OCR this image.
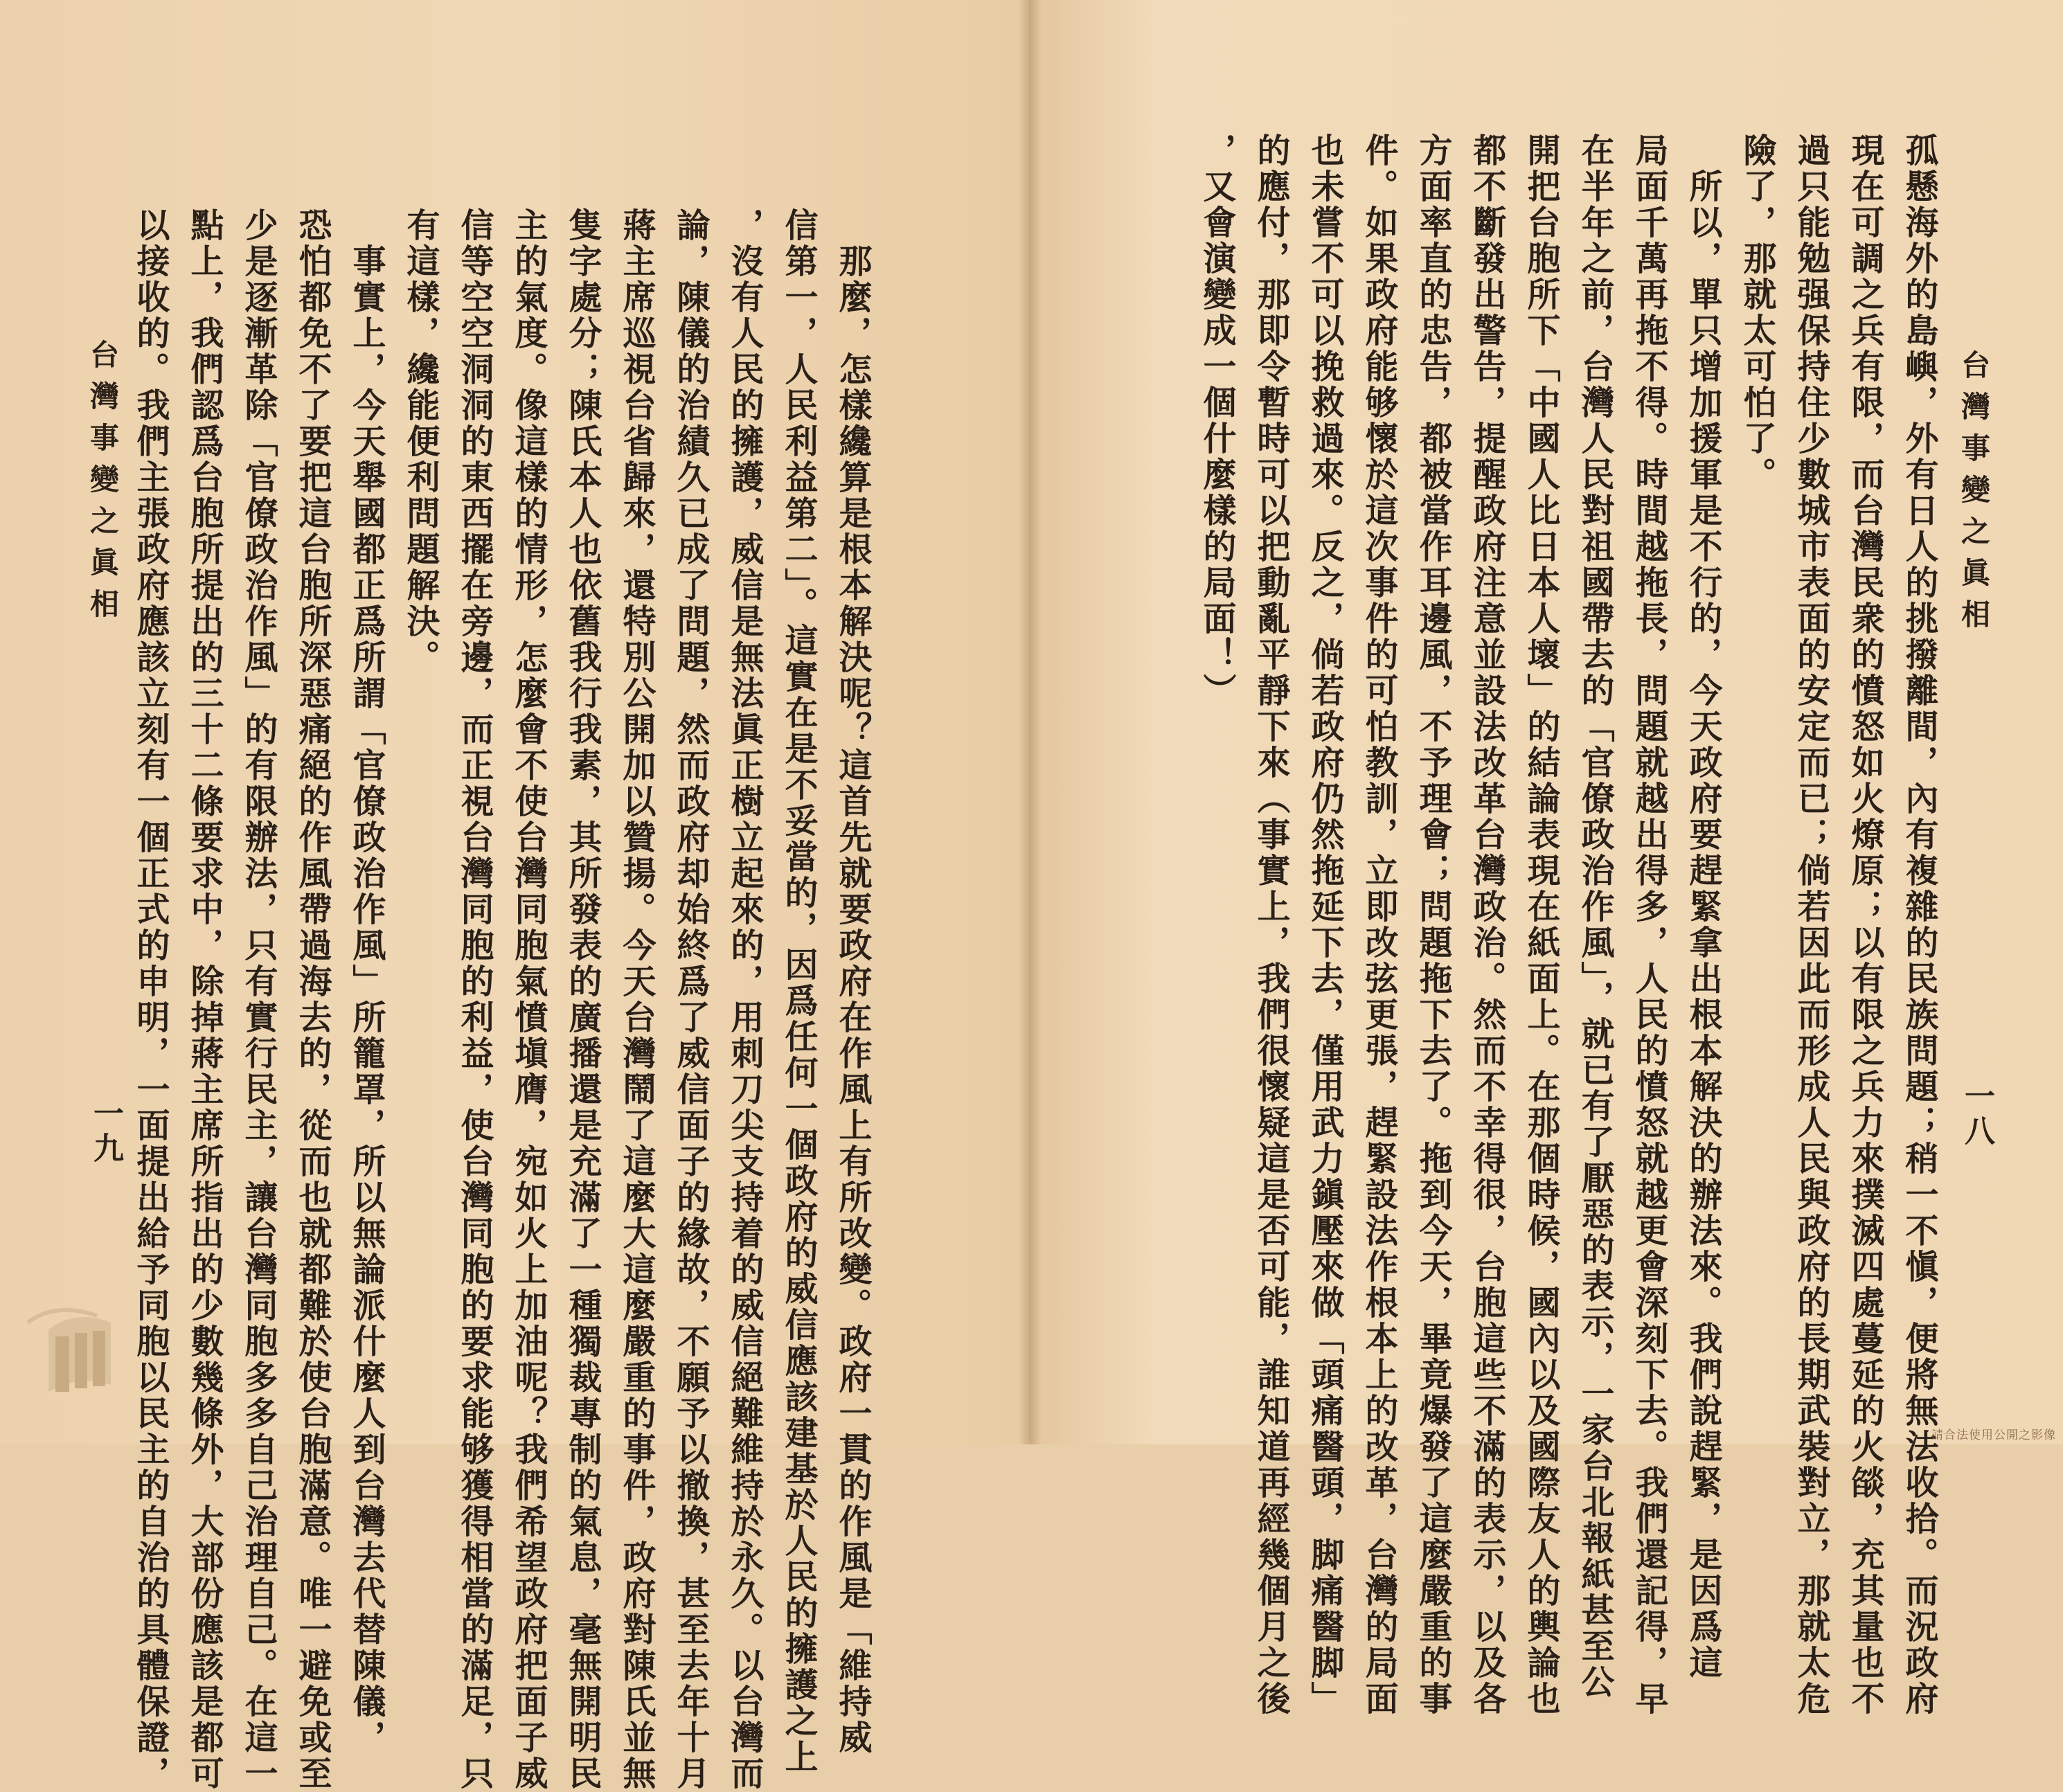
台灣事變之眞相
一九	　那麼，怎樣纔算是根本解決呢？這首先就要政府在作風上有所改變。政府一貫的作風是「維持威
信第一，人民利益第二」。這實在是不妥當的，因爲任何一個政府的威信應該建基於人民的擁護之上
，沒有人民的擁護，威信是無法眞正樹立起來的，用刺刀尖支持着的威信絕難維持於永久。以台灣而
論，陳儀的治績久已成了問題，然而政府却始終爲了威信面子的緣故，不願予以撤換，甚至去年十月
蔣主席巡視台省歸來，還特別公開加以贊揚。今天台灣鬧了這麼大這麼嚴重的事件，政府對陳氏並無
隻字處分；陳氏本人也依舊我行我素，其所發表的廣播還是充滿了一種獨裁專制的氣息，毫無開明民
主的氣度。像這樣的情形，怎麼會不使台灣同胞氣憤塡膺，宛如火上加油呢？我們希望政府把面子威
信等空空洞洞的東西擺在旁邊，而正視台灣同胞的利益，使台灣同胞的要求能够獲得相當的滿足，只
有這樣，纔能便利問題解決。
　事實上，今天舉國都正爲所謂「官僚政治作風」所籠罩，所以無論派什麼人到台灣去代替陳儀，
恐怕都免不了要把這台胞所深惡痛絕的作風帶過海去的，從而也就都難於使台胞滿意。唯一避免或至
少是逐漸革除「官僚政治作風」的有限辦法，只有實行民主，讓台灣同胞多多自己治理自己。在這一
點上，我們認爲台胞所提出的三十二條要求中，除掉蔣主席所指出的少數幾條外，大部份應該是都可
以接收的。我們主張政府應該立刻有一個正式的申明，一面提出給予同胞以民主的自治的具體保證，	台灣事變之眞相
一八
孤懸海外的島嶼，外有日人的挑撥離間，內有複雜的民族問題；稍一不愼，便將無法收拾。而況政府
現在可調之兵有限，而台灣民衆的憤怒如火燎原；以有限之兵力來撲滅四處蔓延的火燄，充其量也不
過只能勉强保持住少數城市表面的安定而已；倘若因此而形成人民與政府的長期武裝對立，那就太危
險了，那就太可怕了。
　所以，單只增加援軍是不行的，今天政府要趕緊拿出根本解決的辦法來。我們說趕緊，是因爲這
局面千萬再拖不得。時間越拖長，問題就越出得多，人民的憤怒就越更會深刻下去。我們還記得，早
在半年之前，台灣人民對祖國帶去的「官僚政治作風」，就已有了厭惡的表示，一家台北報紙甚至公
開把台胞所下「中國人比日本人壞」的結論表現在紙面上。在那個時候，國內以及國際友人的輿論也
都不斷發出警告，提醒政府注意並設法改革台灣政治。然而不幸得很，台胞這些不滿的表示，以及各
方面率直的忠告，都被當作耳邊風，不予理會；問題拖下去了。拖到今天，畢竟爆發了這麼嚴重的事
件。如果政府能够懷於這次事件的可怕教訓，立即改弦更張，趕緊設法作根本上的改革，台灣的局面
也未嘗不可以挽救過來。反之，倘若政府仍然拖延下去，僅用武力鎭壓來做「頭痛醫頭，脚痛醫脚」
的應付，那即令暫時可以把動亂平靜下來（事實上，我們很懷疑這是否可能，誰知道再經幾個月之後
，又會演變成一個什麼樣的局面！）
請合法使用公開之影像
